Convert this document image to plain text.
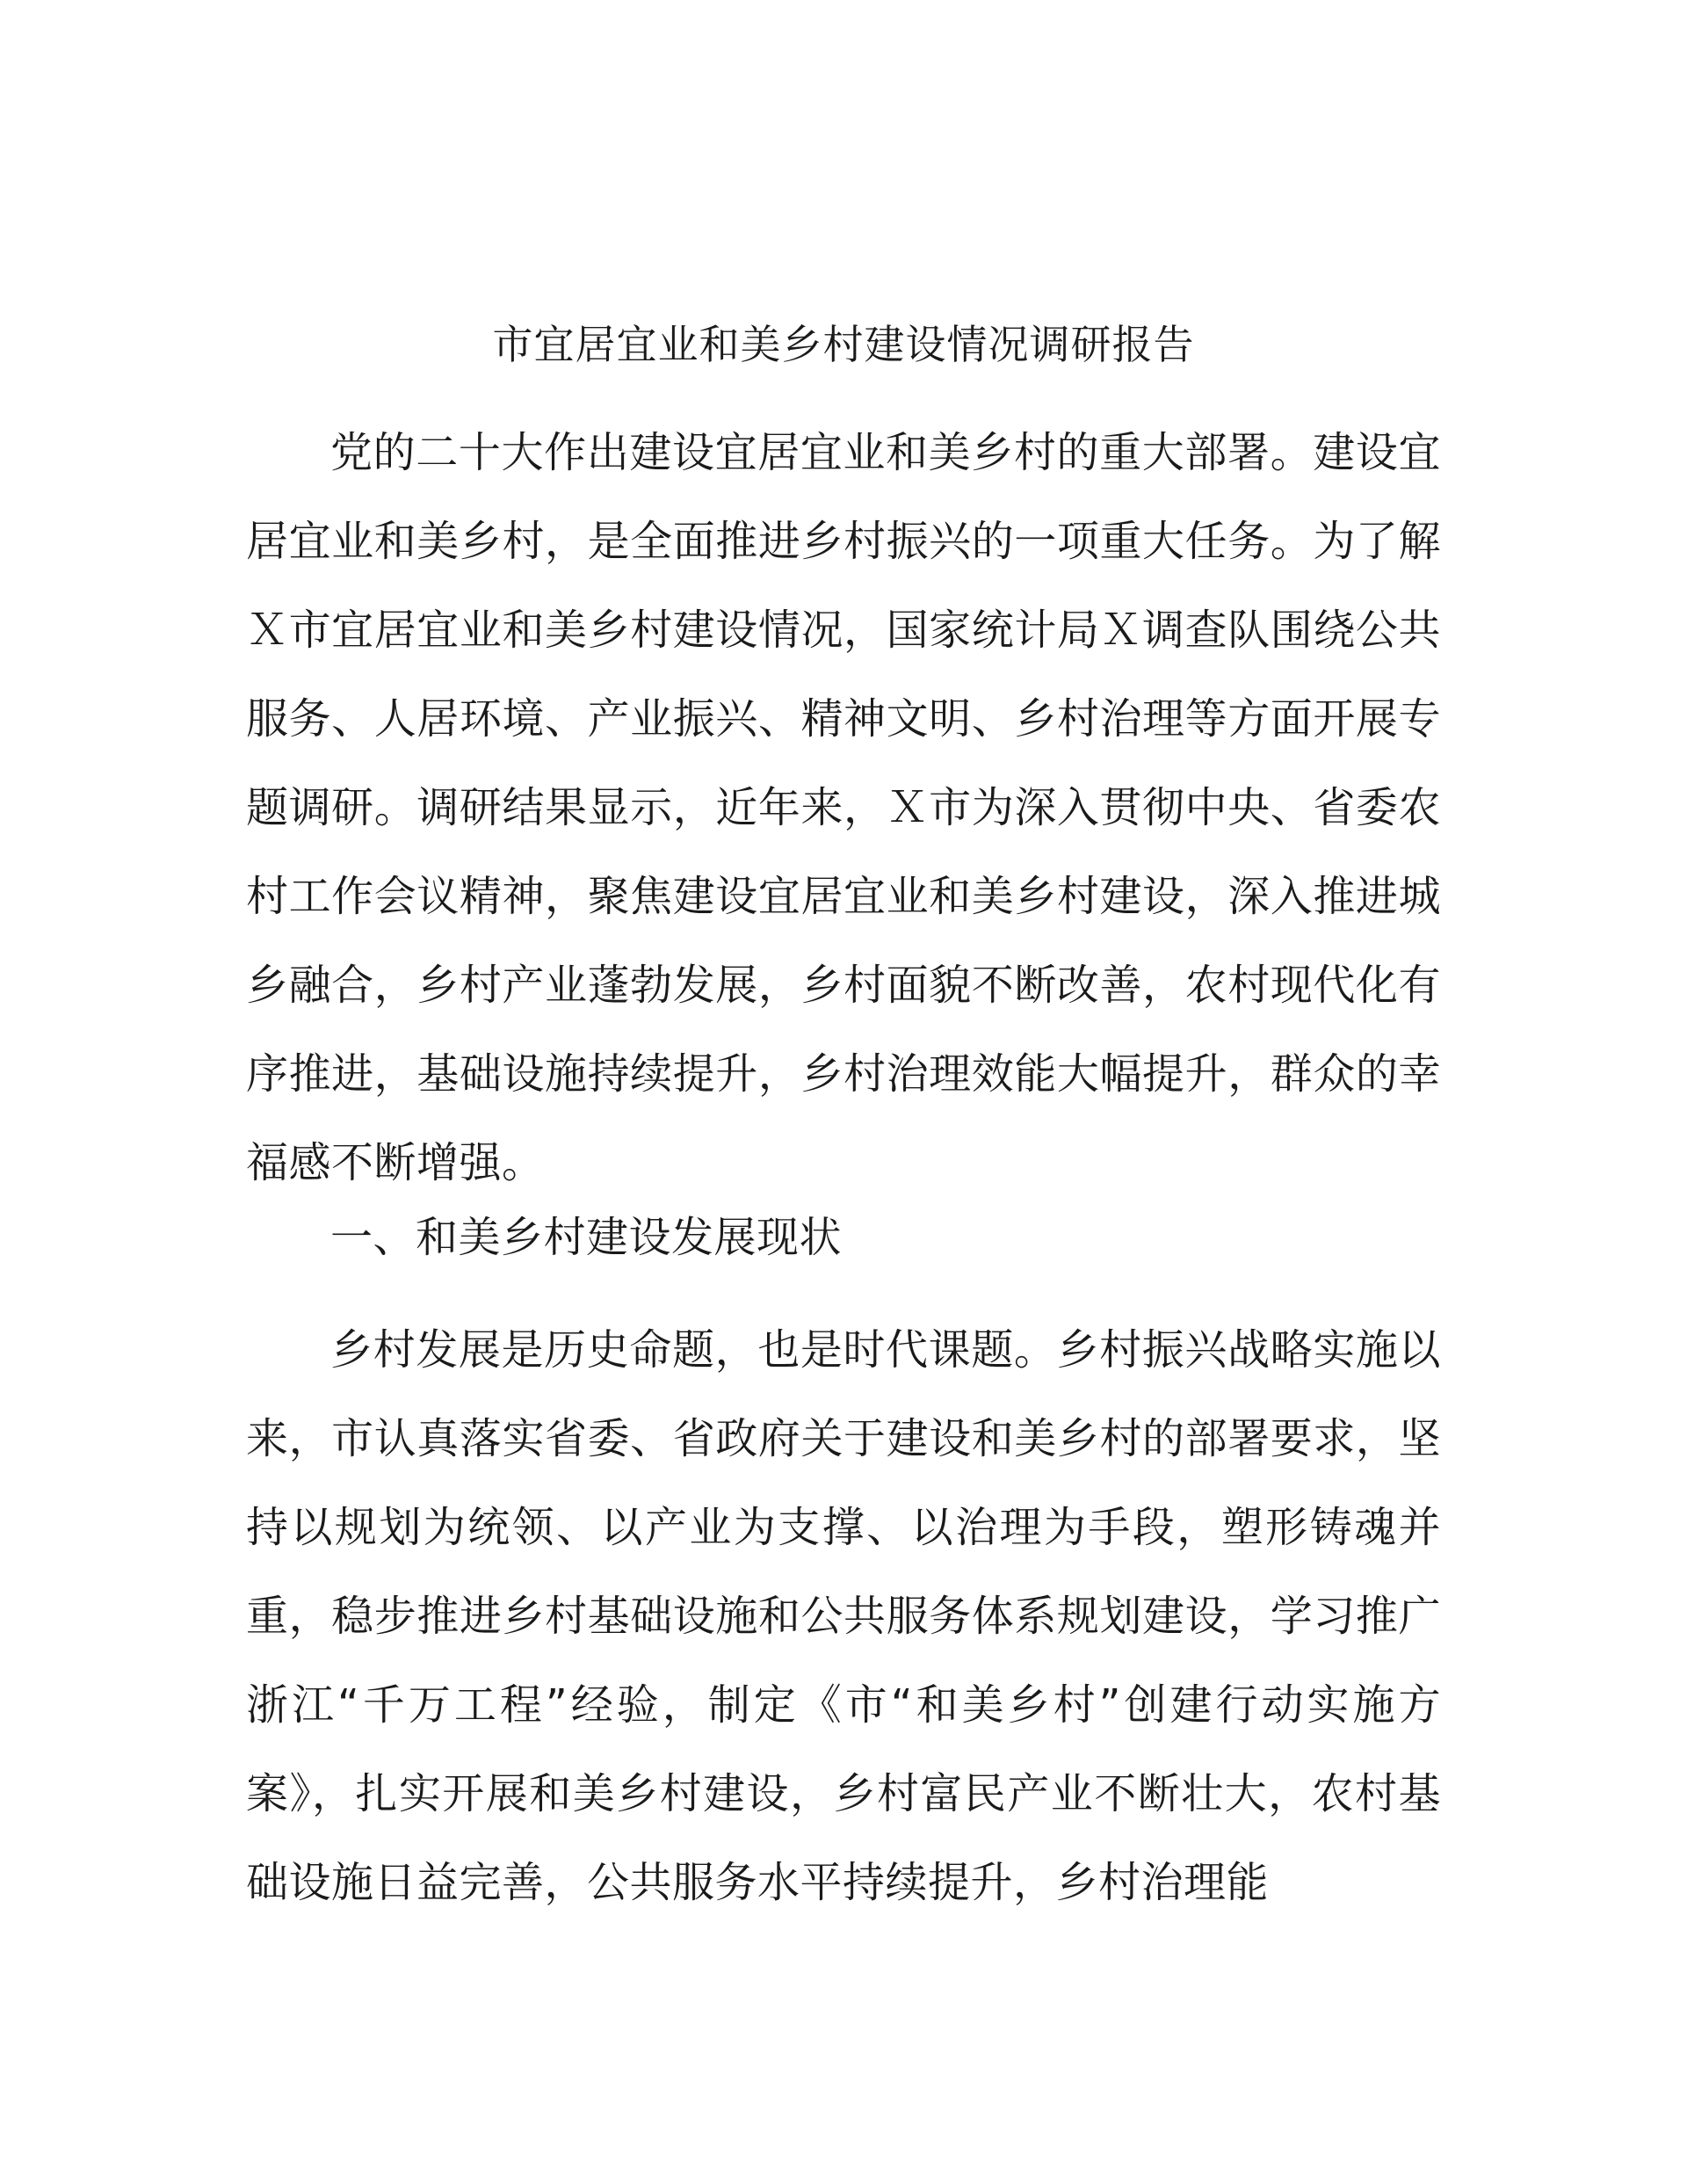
市宜居宜业和美乡村建设情况调研报告

党的二十大作出建设宜居宜业和美乡村的重大部署。建设宜居宜业和美乡村，是全面推进乡村振兴的一项重大任务。为了解Ｘ市宜居宜业和美乡村建设情况，国家统计局Ｘ调查队围绕公共服务、人居环境、产业振兴、精神文明、乡村治理等方面开展专题调研。调研结果显示，近年来，Ｘ市为深入贯彻中央、省委农村工作会议精神，聚焦建设宜居宜业和美乡村建设，深入推进城乡融合，乡村产业蓬勃发展，乡村面貌不断改善，农村现代化有序推进，基础设施持续提升，乡村治理效能大幅提升，群众的幸福感不断增强。

一、和美乡村建设发展现状

乡村发展是历史命题，也是时代课题。乡村振兴战略实施以来，市认真落实省委、省政府关于建设和美乡村的部署要求，坚持以规划为统领、以产业为支撑、以治理为手段，塑形铸魂并重，稳步推进乡村基础设施和公共服务体系规划建设，学习推广浙江“千万工程”经验，制定《市“和美乡村”创建行动实施方案》，扎实开展和美乡村建设，乡村富民产业不断壮大，农村基础设施日益完善，公共服务水平持续提升，乡村治理能
